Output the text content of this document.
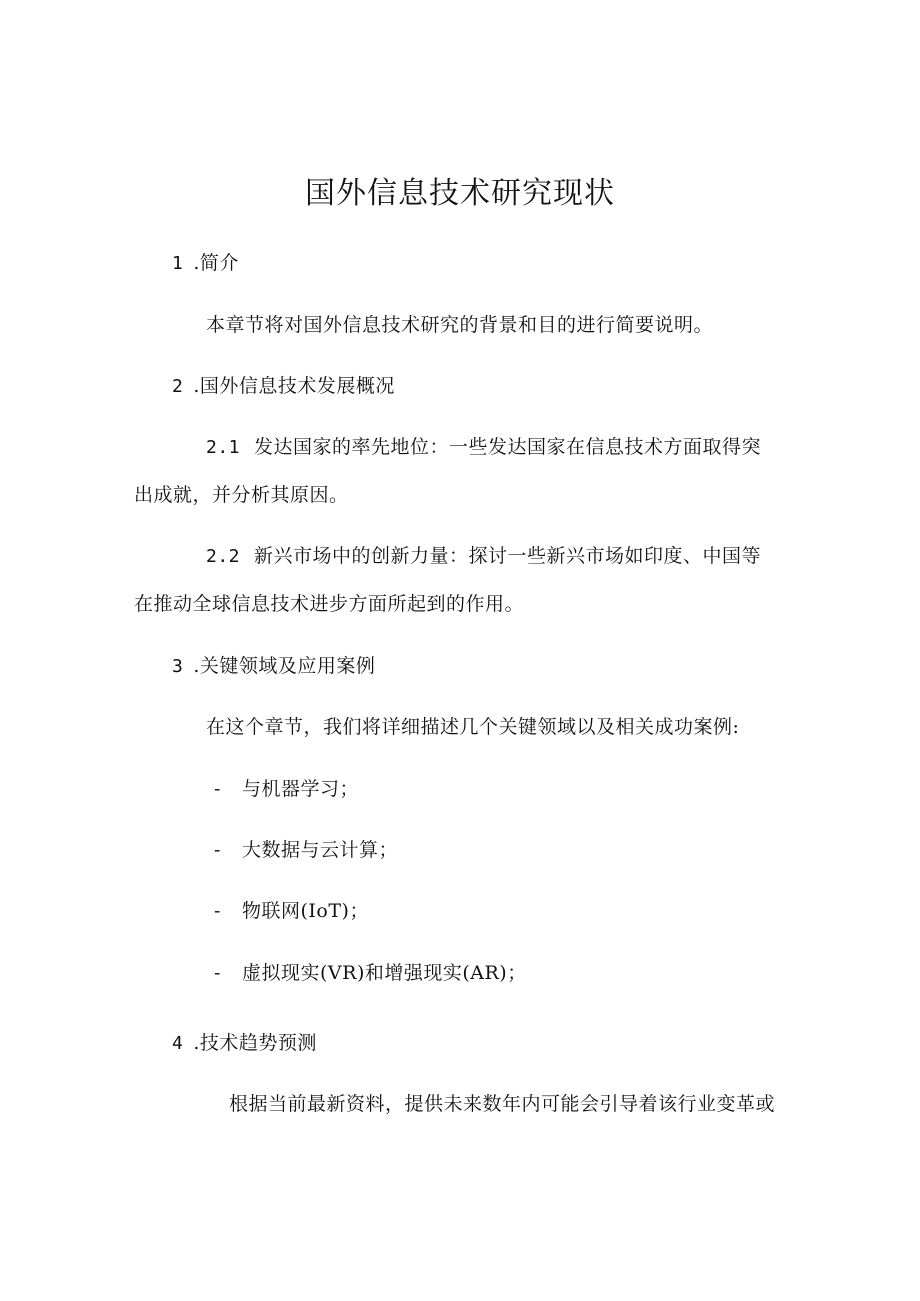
国外信息技术研究现状
1 .简介
本章节将对国外信息技术研究的背景和目的进行简要说明。
2 .国外信息技术发展概况
2.1 发达国家的率先地位：一些发达国家在信息技术方面取得突
出成就，并分析其原因。
2.2 新兴市场中的创新力量：探讨一些新兴市场如印度、中国等
在推动全球信息技术进步方面所起到的作用。
3 .关键领域及应用案例
在这个章节，我们将详细描述几个关键领域以及相关成功案例:
- 与机器学习；
- 大数据与云计算；
- 物联网(IoT)；
- 虚拟现实(VR)和增强现实(AR)；
4 .技术趋势预测
根据当前最新资料，提供未来数年内可能会引导着该行业变革或
